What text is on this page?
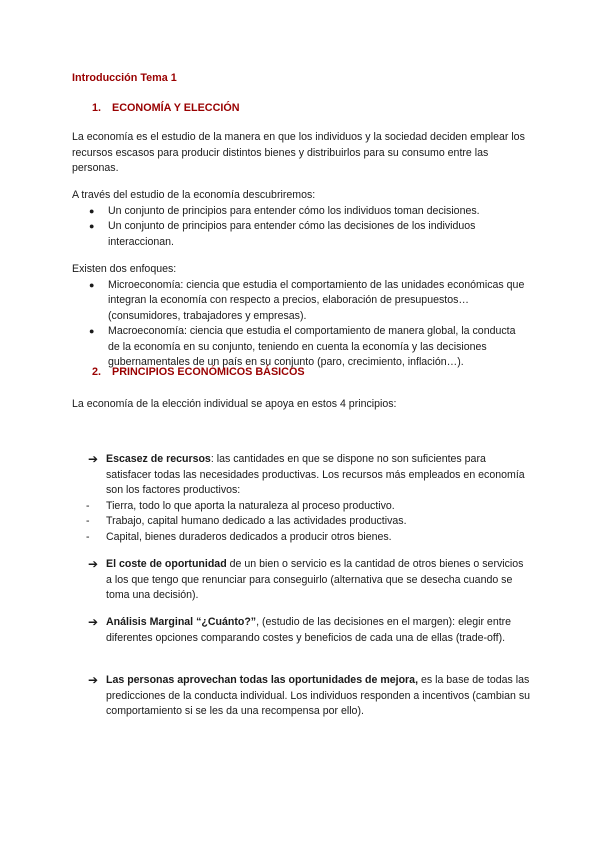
Introducción Tema 1
1. ECONOMÍA Y ELECCIÓN

La economía es el estudio de la manera en que los individuos y la sociedad deciden emplear los recursos escasos para producir distintos bienes y distribuirlos para su consumo entre las personas.

A través del estudio de la economía descubriremos:

● Un conjunto de principios para entender cómo los individuos toman decisiones.
● Un conjunto de principios para entender cómo las decisiones de los individuos interaccionan.

Existen dos enfoques:

● Microeconomía: ciencia que estudia el comportamiento de las unidades económicas que integran la economía con respecto a precios, elaboración de presupuestos… (consumidores, trabajadores y empresas).
● Macroeconomía: ciencia que estudia el comportamiento de manera global, la conducta de la economía en su conjunto, teniendo en cuenta la economía y las decisiones gubernamentales de un país en su conjunto (paro, crecimiento, inflación…).
2. PRINCIPIOS ECONÓMICOS BÁSICOS

La economía de la elección individual se apoya en estos 4 principios:

➔ Escasez de recursos: las cantidades en que se dispone no son suficientes para satisfacer todas las necesidades productivas. Los recursos más empleados en economía son los factores productivos:

- Tierra, todo lo que aporta la naturaleza al proceso productivo.
- Trabajo, capital humano dedicado a las actividades productivas.
- Capital, bienes duraderos dedicados a producir otros bienes.
➔ El coste de oportunidad de un bien o servicio es la cantidad de otros bienes o servicios a los que tengo que renunciar para conseguirlo (alternativa que se desecha cuando se toma una decisión).

➔ Análisis Marginal “¿Cuánto?”, (estudio de las decisiones en el margen): elegir entre diferentes opciones comparando costes y beneficios de cada una de ellas (trade-off).

➔ Las personas aprovechan todas las oportunidades de mejora, es la base de todas las predicciones de la conducta individual. Los individuos responden a incentivos (cambian su comportamiento si se les da una recompensa por ello).
